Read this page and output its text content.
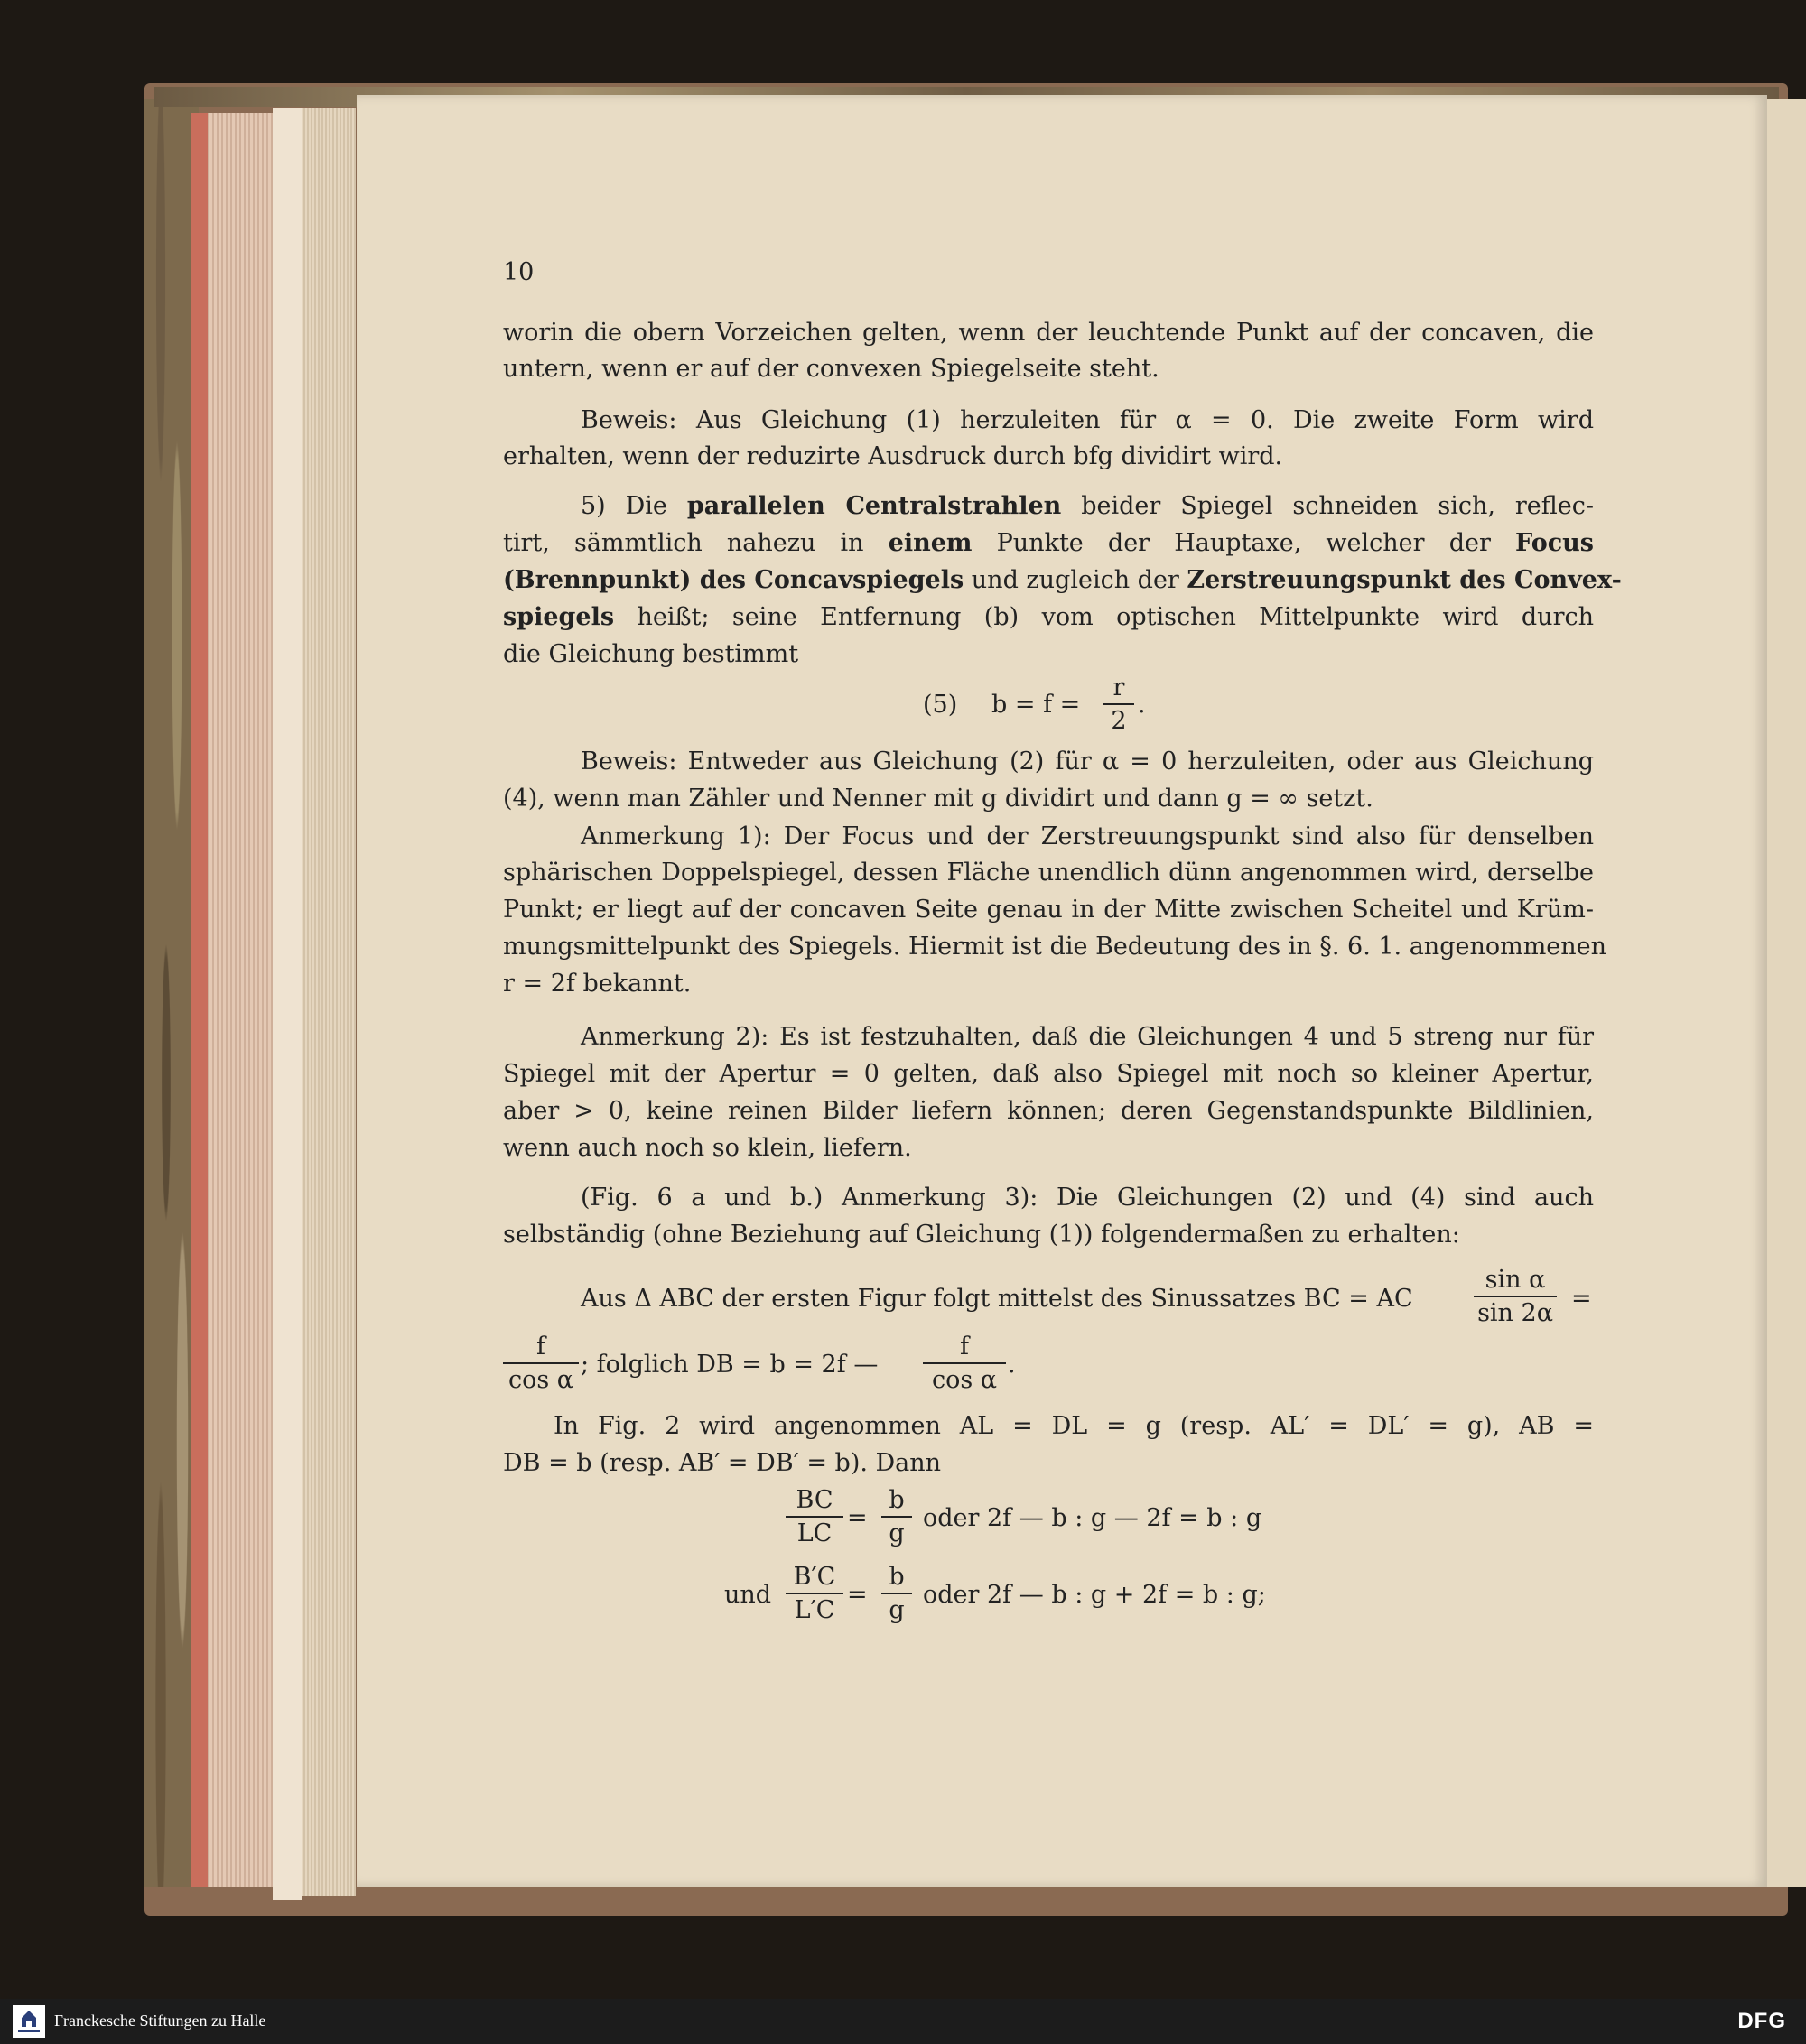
10
worin die obern Vorzeichen gelten, wenn der leuchtende Punkt auf der concaven, die
untern, wenn er auf der convexen Spiegelseite steht.
Beweis: Aus Gleichung (1) herzuleiten für α = 0. Die zweite Form wird
erhalten, wenn der reduzirte Ausdruck durch bfg dividirt wird.
5) Die parallelen Centralstrahlen beider Spiegel schneiden sich, reflec-
tirt, sämmtlich nahezu in einem Punkte der Hauptaxe, welcher der Focus
(Brennpunkt) des Concavspiegels und zugleich der Zerstreuungspunkt des Convex-
spiegels heißt; seine Entfernung (b) vom optischen Mittelpunkte wird durch
die Gleichung bestimmt
(5) $b = f = \frac{r}{2}$ .
Beweis: Entweder aus Gleichung (2) für α = 0 herzuleiten, oder aus Gleichung
(4), wenn man Zähler und Nenner mit g dividirt und dann g = ∞ setzt.
Anmerkung 1): Der Focus und der Zerstreuungspunkt sind also für denselben
sphärischen Doppelspiegel, dessen Fläche unendlich dünn angenommen wird, derselbe
Punkt; er liegt auf der concaven Seite genau in der Mitte zwischen Scheitel und Krüm-
mungsmittelpunkt des Spiegels. Hiermit ist die Bedeutung des in §. 6. 1. angenommenen
r = 2f bekannt.
Anmerkung 2): Es ist festzuhalten, daß die Gleichungen 4 und 5 streng nur für
Spiegel mit der Apertur = 0 gelten, daß also Spiegel mit noch so kleiner Apertur,
aber > 0, keine reinen Bilder liefern können; deren Gegenstandspunkte Bildlinien,
wenn auch noch so klein, liefern.
(Fig. 6 a und b.) Anmerkung 3): Die Gleichungen (2) und (4) sind auch
selbständig (ohne Beziehung auf Gleichung (1)) folgendermaßen zu erhalten:
Aus Δ ABC der ersten Figur folgt mittelst des Sinussatzes BC = AC $\frac{\text{sin α}}{\sin 2\alpha}$ =
$\frac{f}{\text{cos α}}$ ; folglich DB = b = 2f — $\frac{f}{\text{cos α}}$ .
In Fig. 2 wird angenommen AL = DL = g (resp. AL′ = DL′ = g), AB =
DB = b (resp. AB′ = DB′ = b). Dann
$\frac{BC}{LC} = \frac{b}{g}$ oder 2f — b : g — 2f = b : g
und $\frac{B'C}{L'C} = \frac{b}{g}$ oder 2f — b : g + 2f = b : g;
Franckesche Stiftungen zu Halle	DFG
